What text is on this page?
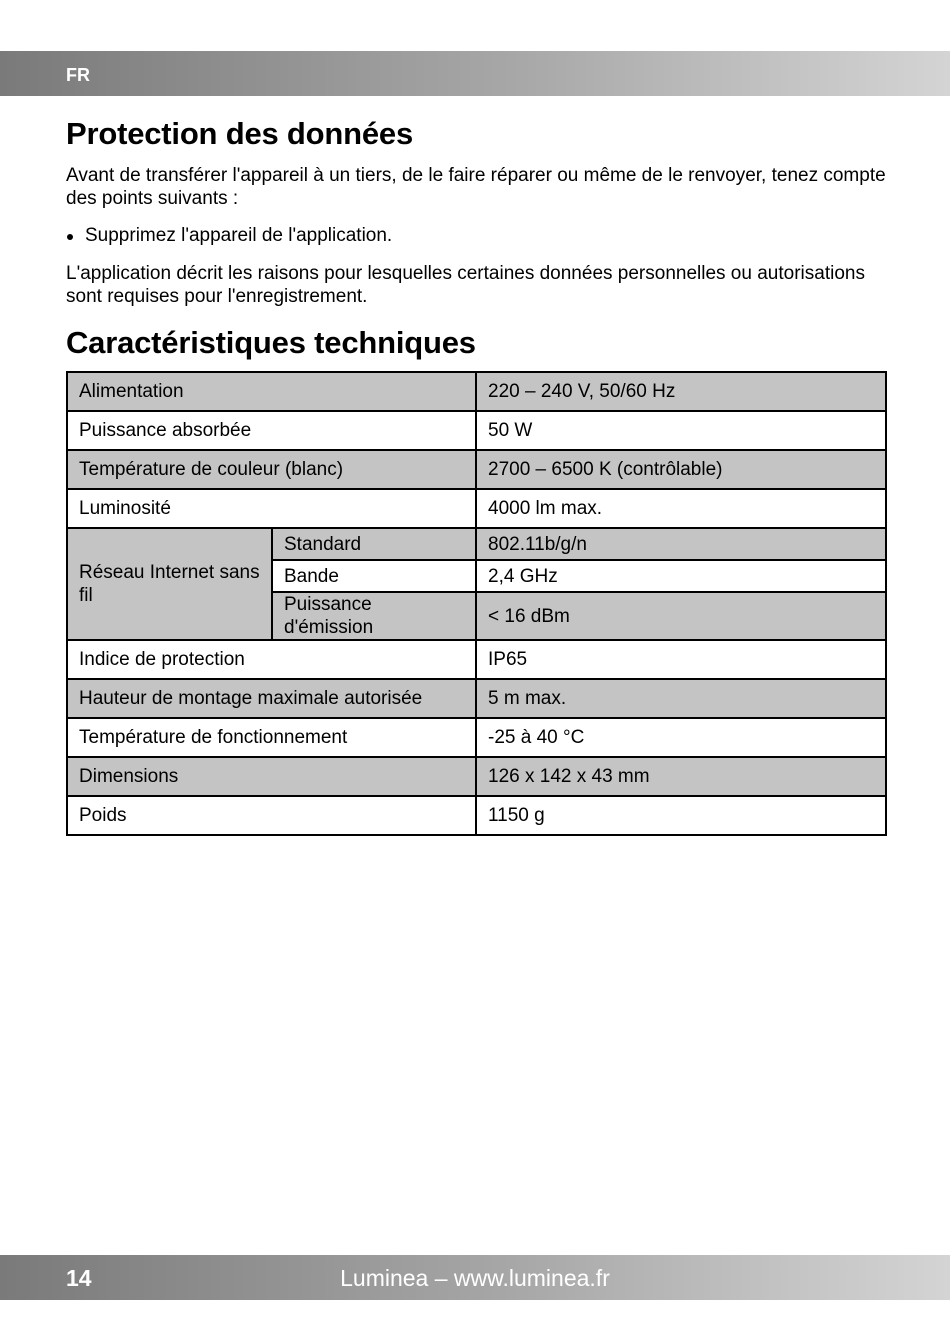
FR
Protection des données

Avant de transférer l'appareil à un tiers, de le faire réparer ou même de le renvoyer, tenez compte des points suivants :

Supprimez l'appareil de l'application.

L'application décrit les raisons pour lesquelles certaines données personnelles ou autorisations sont requises pour l'enregistrement.

Caractéristiques techniques
Alimentation		220 – 240 V, 50/60 Hz
Puissance absorbée		50 W
Température de couleur (blanc)		2700 – 6500 K (contrôlable)
Luminosité		4000 lm max.
Réseau Internet sans fil	Standard	802.11b/g/n
	Bande	2,4 GHz
	Puissance d'émission	< 16 dBm
Indice de protection		IP65
Hauteur de montage maximale autorisée		5 m max.
Température de fonctionnement		-25 à 40 °C
Dimensions		126 x 142 x 43 mm
Poids		1150 g
14	Luminea – www.luminea.fr
